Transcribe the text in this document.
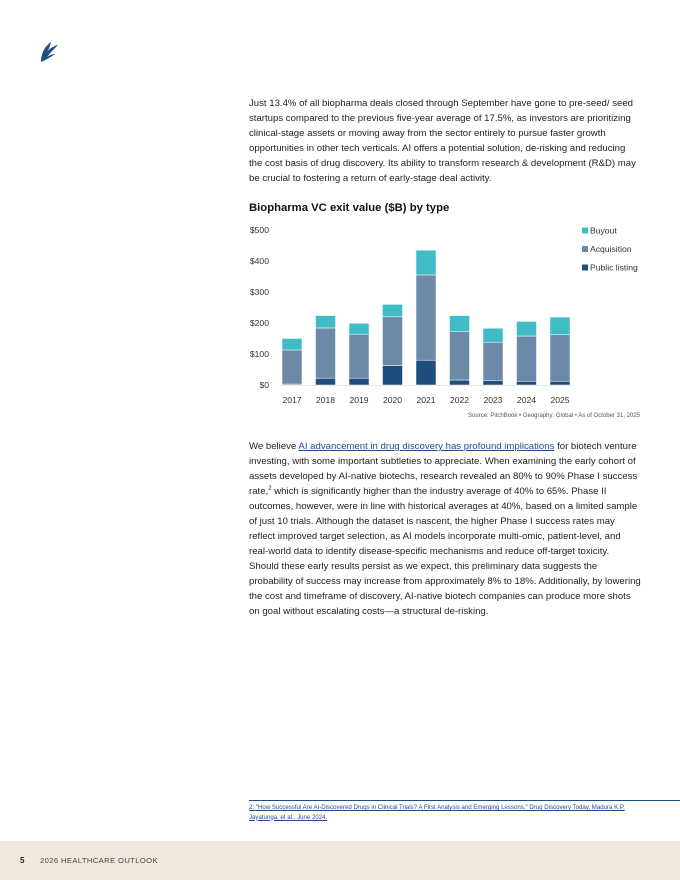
Just 13.4% of all biopharma deals closed through September have gone to pre-seed/ seed startups compared to the previous five-year average of 17.5%, as investors are prioritizing clinical-stage assets or moving away from the sector entirely to pursue faster growth opportunities in other tech verticals. AI offers a potential solution, de-risking and reducing the cost basis of drug discovery. Its ability to transform research & development (R&D) may be crucial to fostering a return of early-stage deal activity.
Biopharma VC exit value ($B) by type
$0
$100
$200
$300
$400
$500
2017 2018 2019 2020 2021 2022 2023 2024 2025
Buyout
Acquisition
Public listing
Source: PitchBook • Geography: Global • As of October 31, 2025
We believe AI advancement in drug discovery has profound implications for biotech venture investing, with some important subtleties to appreciate. When examining the early cohort of assets developed by AI-native biotechs, research revealed an 80% to 90% Phase I success rate,$^2$ which is significantly higher than the industry average of 40% to 65%. Phase II outcomes, however, were in line with historical averages at 40%, based on a limited sample of just 10 trials. Although the dataset is nascent, the higher Phase I success rates may reflect improved target selection, as AI models incorporate multi-omic, patient-level, and real-world data to identify disease-specific mechanisms and reduce off-target toxicity. Should these early results persist as we expect, this preliminary data suggests the probability of success may increase from approximately 8% to 18%. Additionally, by lowering the cost and timeframe of discovery, AI-native biotech companies can produce more shots on goal without escalating costs—a structural de-risking.
2: "How Successful Are AI-Discovered Drugs in Clinical Trials? A First Analysis and Emerging Lessons," Drug Discovery Today, Madura K.P. Jayatunga, et al., June 2024.
5 2026 HEALTHCARE OUTLOOK
